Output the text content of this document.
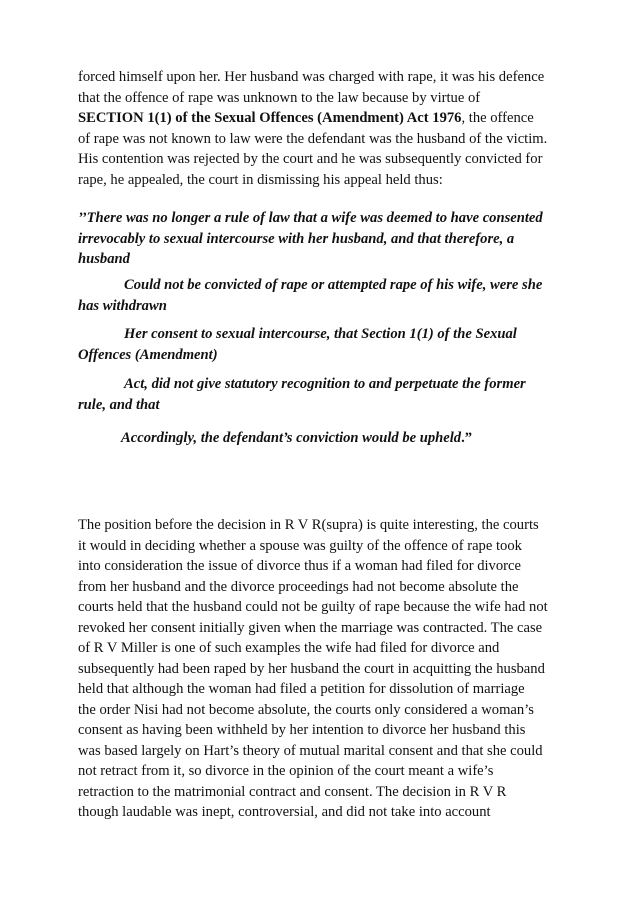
forced himself upon her. Her husband was charged with rape, it was his defence
that the offence of rape was unknown to the law because by virtue of
SECTION 1(1) of the Sexual Offences (Amendment) Act 1976, the offence
of rape was not known to law were the defendant was the husband of the victim.
His contention was rejected by the court and he was subsequently convicted for
rape, he appealed, the court in dismissing his appeal held thus:
’’There was no longer a rule of law that a wife was deemed to have consented
irrevocably to sexual intercourse with her husband, and that therefore, a
husband
Could not be convicted of rape or attempted rape of his wife, were she
has withdrawn
Her consent to sexual intercourse, that Section 1(1) of the Sexual
Offences (Amendment)
Act, did not give statutory recognition to and perpetuate the former
rule, and that
Accordingly, the defendant’s conviction would be upheld.”
The position before the decision in R V R(supra) is quite interesting, the courts
it would in deciding whether a spouse was guilty of the offence of rape took
into consideration the issue of divorce thus if a woman had filed for divorce
from her husband and the divorce proceedings had not become absolute the
courts held that the husband could not be guilty of rape because the wife had not
revoked her consent initially given when the marriage was contracted. The case
of R V Miller is one of such examples the wife had filed for divorce and
subsequently had been raped by her husband the court in acquitting the husband
held that although the woman had filed a petition for dissolution of marriage
the order Nisi had not become absolute, the courts only considered a woman’s
consent as having been withheld by her intention to divorce her husband this
was based largely on Hart’s theory of mutual marital consent and that she could
not retract from it, so divorce in the opinion of the court meant a wife’s
retraction to the matrimonial contract and consent. The decision in R V R
though laudable was inept, controversial, and did not take into account
